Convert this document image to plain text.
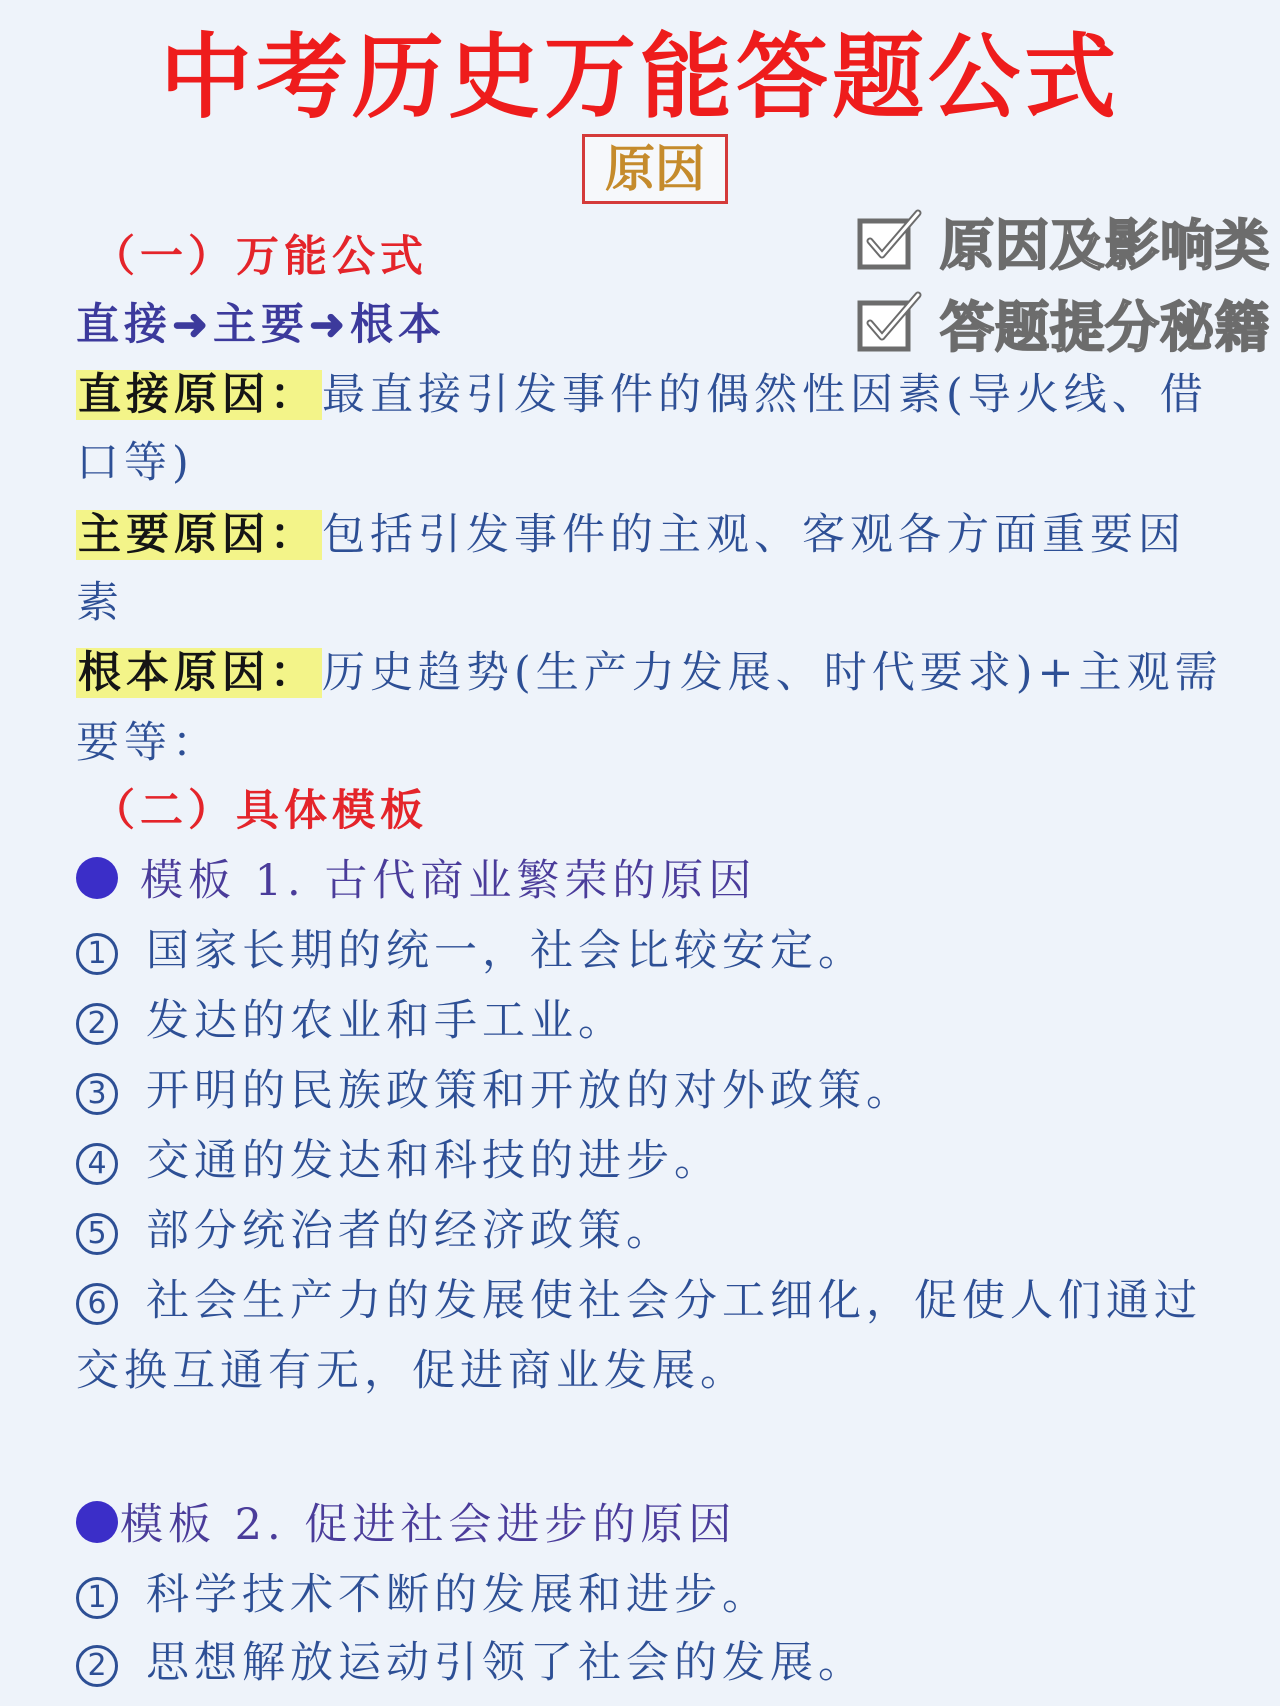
中考历史万能答题公式
原因
原因及影响类
答题提分秘籍
（一）万能公式
直接➜主要➜根本
直接原因：最直接引发事件的偶然性因素(导火线、借
口等)
主要原因：包括引发事件的主观、客观各方面重要因
素
根本原因：历史趋势(生产力发展、时代要求)+主观需
要等：
（二）具体模板
模板 1. 古代商业繁荣的原因
1 国家长期的统一，社会比较安定。
2 发达的农业和手工业。
3 开明的民族政策和开放的对外政策。
4 交通的发达和科技的进步。
5 部分统治者的经济政策。
6 社会生产力的发展使社会分工细化，促使人们通过
交换互通有无，促进商业发展。
模板 2. 促进社会进步的原因
1 科学技术不断的发展和进步。
2 思想解放运动引领了社会的发展。
